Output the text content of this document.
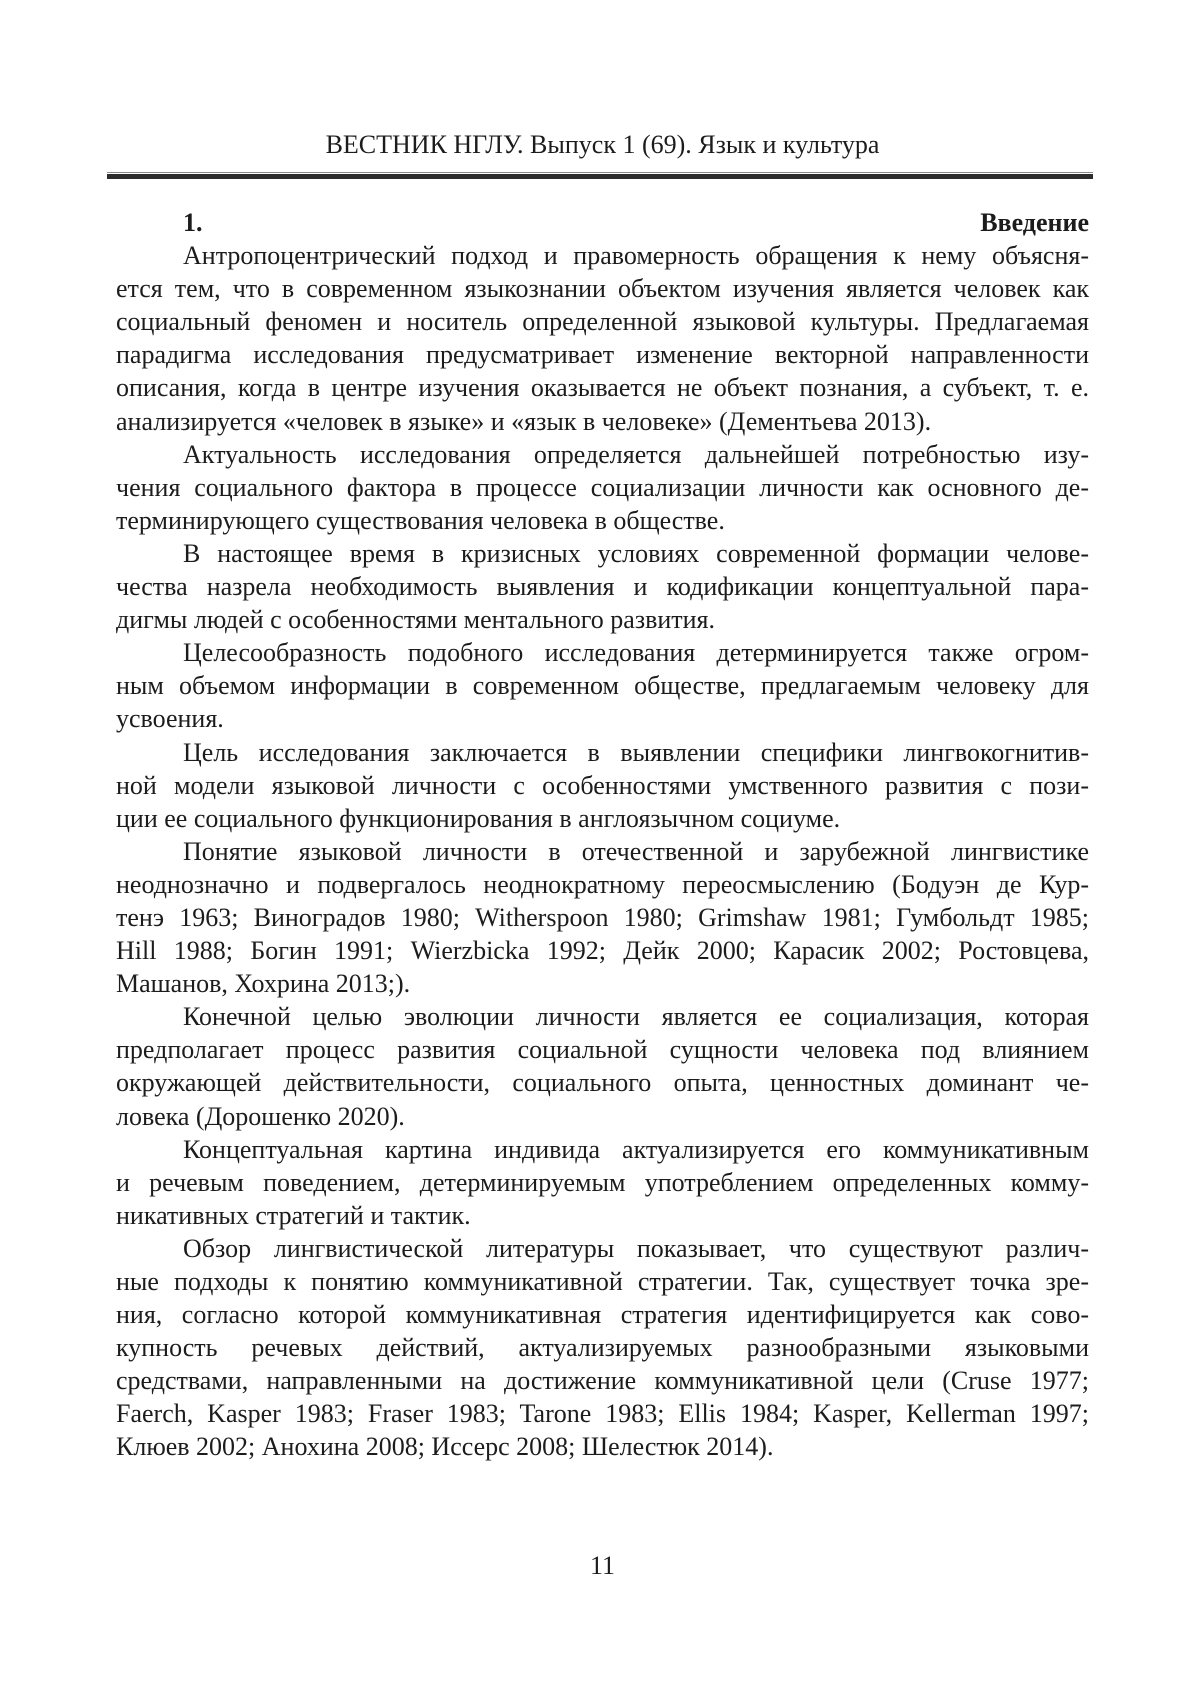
ВЕСТНИК НГЛУ. Выпуск 1 (69). Язык и культура
1. Введение
Антропоцентрический подход и правомерность обращения к нему объясня-
ется тем, что в современном языкознании объектом изучения является человек как
социальный феномен и носитель определенной языковой культуры. Предлагаемая
парадигма исследования предусматривает изменение векторной направленности
описания, когда в центре изучения оказывается не объект познания, а субъект, т. е.
анализируется «человек в языке» и «язык в человеке» (Дементьева 2013).
Актуальность исследования определяется дальнейшей потребностью изу-
чения социального фактора в процессе социализации личности как основного де-
терминирующего существования человека в обществе.
В настоящее время в кризисных условиях современной формации челове-
чества назрела необходимость выявления и кодификации концептуальной пара-
дигмы людей с особенностями ментального развития.
Целесообразность подобного исследования детерминируется также огром-
ным объемом информации в современном обществе, предлагаемым человеку для
усвоения.
Цель исследования заключается в выявлении специфики лингвокогнитив-
ной модели языковой личности с особенностями умственного развития с пози-
ции ее социального функционирования в англоязычном социуме.
Понятие языковой личности в отечественной и зарубежной лингвистике
неоднозначно и подвергалось неоднократному переосмыслению (Бодуэн де Кур-
тенэ 1963; Виноградов 1980; Witherspoon 1980; Grimshaw 1981; Гумбольдт 1985;
Hill 1988; Богин 1991; Wierzbicka 1992; Дейк 2000; Карасик 2002; Ростовцева,
Машанов, Хохрина 2013;).
Конечной целью эволюции личности является ее социализация, которая
предполагает процесс развития социальной сущности человека под влиянием
окружающей действительности, социального опыта, ценностных доминант че-
ловека (Дорошенко 2020).
Концептуальная картина индивида актуализируется его коммуникативным
и речевым поведением, детерминируемым употреблением определенных комму-
никативных стратегий и тактик.
Обзор лингвистической литературы показывает, что существуют различ-
ные подходы к понятию коммуникативной стратегии. Так, существует точка зре-
ния, согласно которой коммуникативная стратегия идентифицируется как сово-
купность речевых действий, актуализируемых разнообразными языковыми
средствами, направленными на достижение коммуникативной цели (Cruse 1977;
Faerch, Kasper 1983; Fraser 1983; Tarone 1983; Ellis 1984; Kasper, Kellerman 1997;
Клюев 2002; Анохина 2008; Иссерс 2008; Шелестюк 2014).
11
